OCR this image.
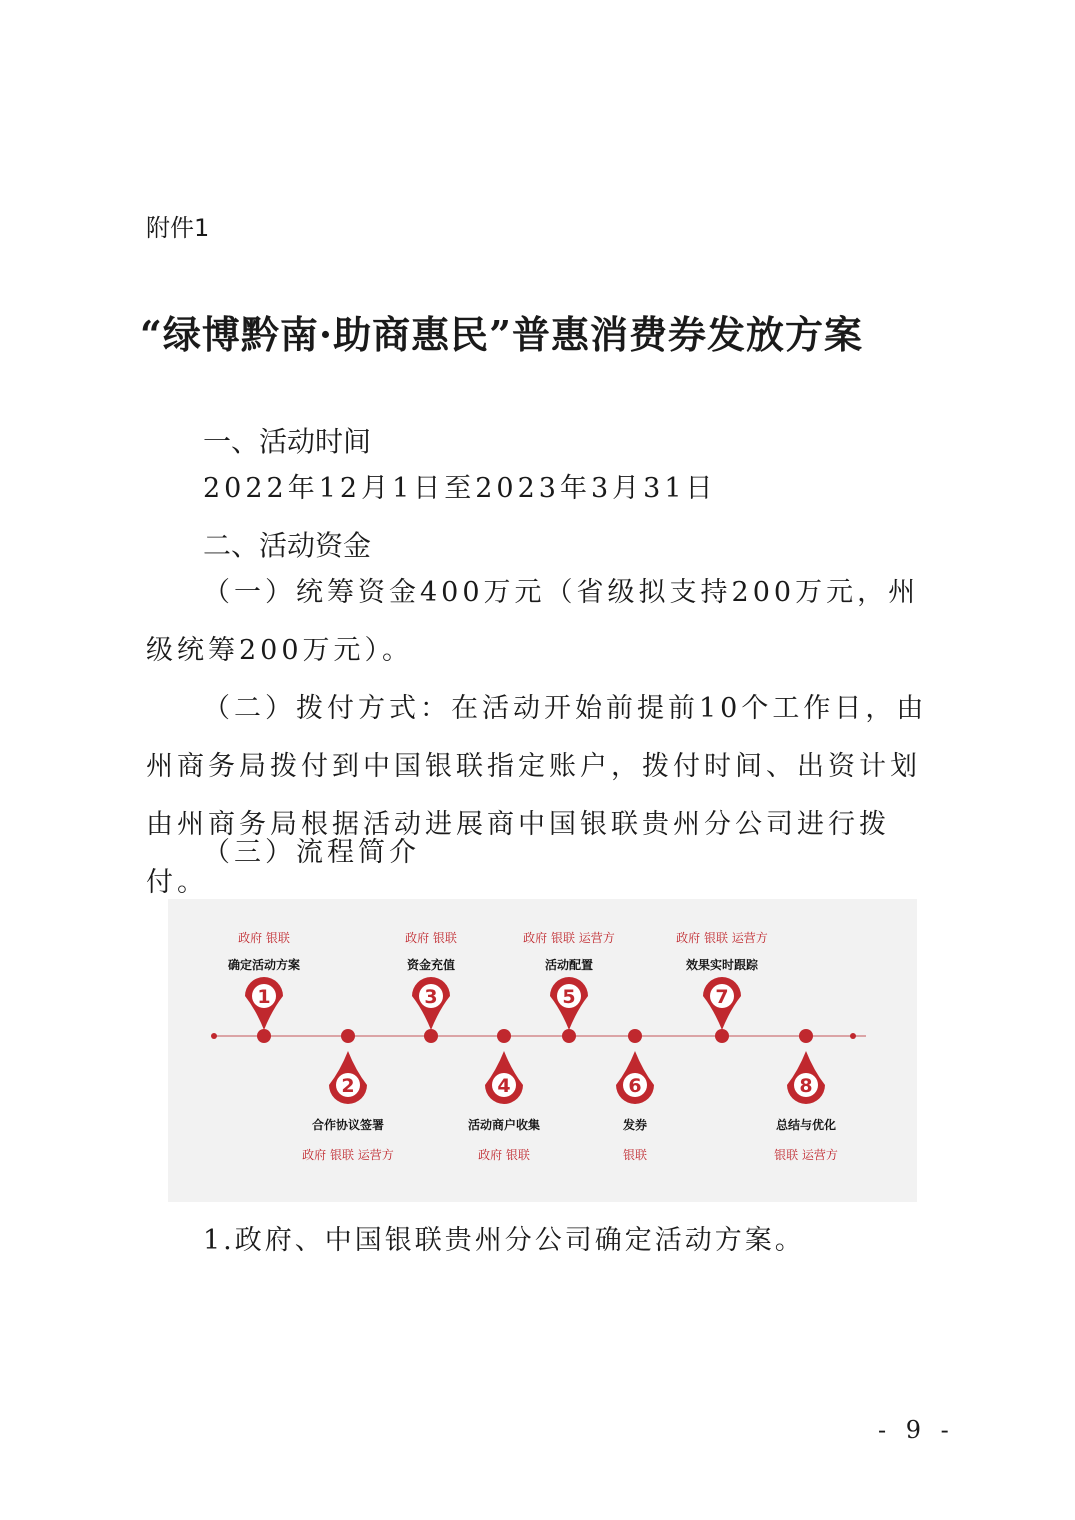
附件1
“绿博黔南·助商惠民”普惠消费券发放方案
一、活动时间
2022年12月1日至2023年3月31日
二、活动资金
（一）统筹资金400万元（省级拟支持200万元，州级统筹200万元）。
（二）拨付方式：在活动开始前提前10个工作日，由州商务局拨付到中国银联指定账户，拨付时间、出资计划由州商务局根据活动进展商中国银联贵州分公司进行拨付。
（三）流程简介
1
2
3
4
5
6
7
8
政府 银联
确定活动方案
政府 银联 运营方
合作协议签署
政府 银联
资金充值
政府 银联
活动商户收集
政府 银联 运营方
活动配置
银联
发券
政府 银联 运营方
效果实时跟踪
银联 运营方
总结与优化
1.政府、中国银联贵州分公司确定活动方案。
- 9 -
